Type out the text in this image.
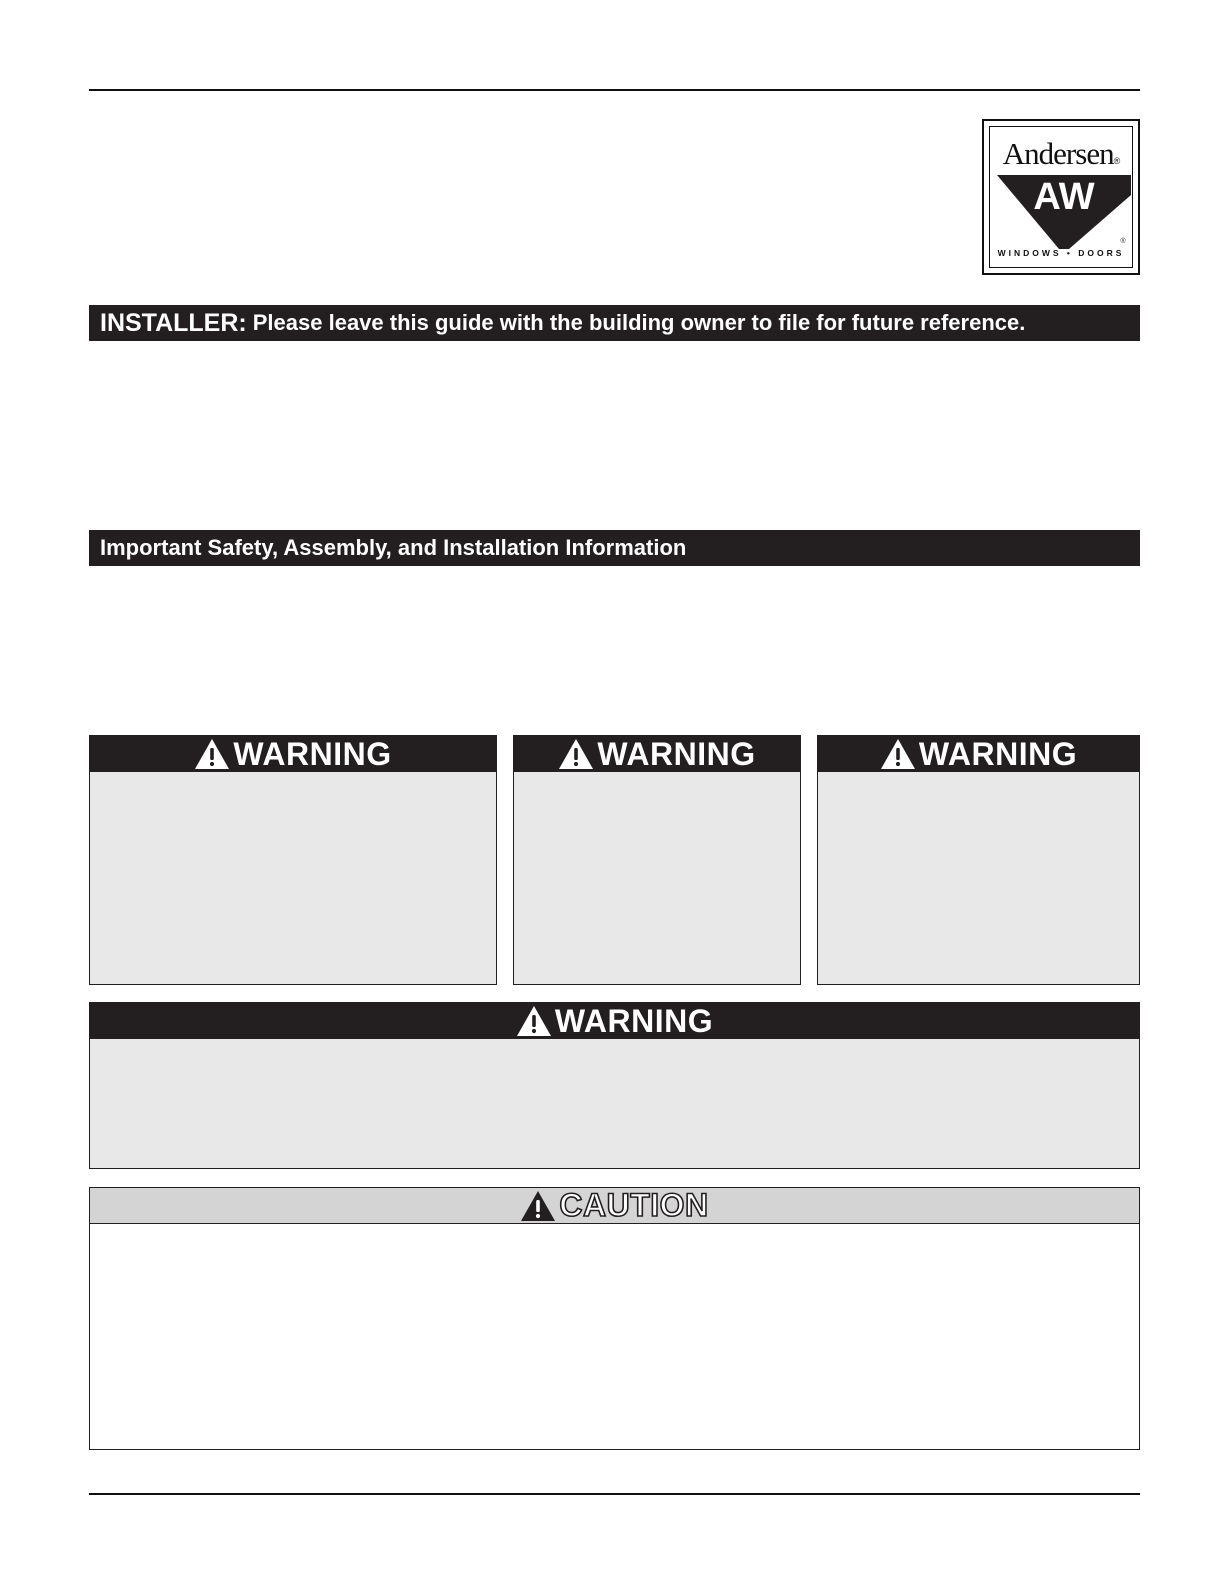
Andersen®
AW
®
WINDOWS • DOORS
INSTALLER: Please leave this guide with the building owner to file for future reference.
Important Safety, Assembly, and Installation Information
WARNING	WARNING	WARNING
WARNING
CAUTION
